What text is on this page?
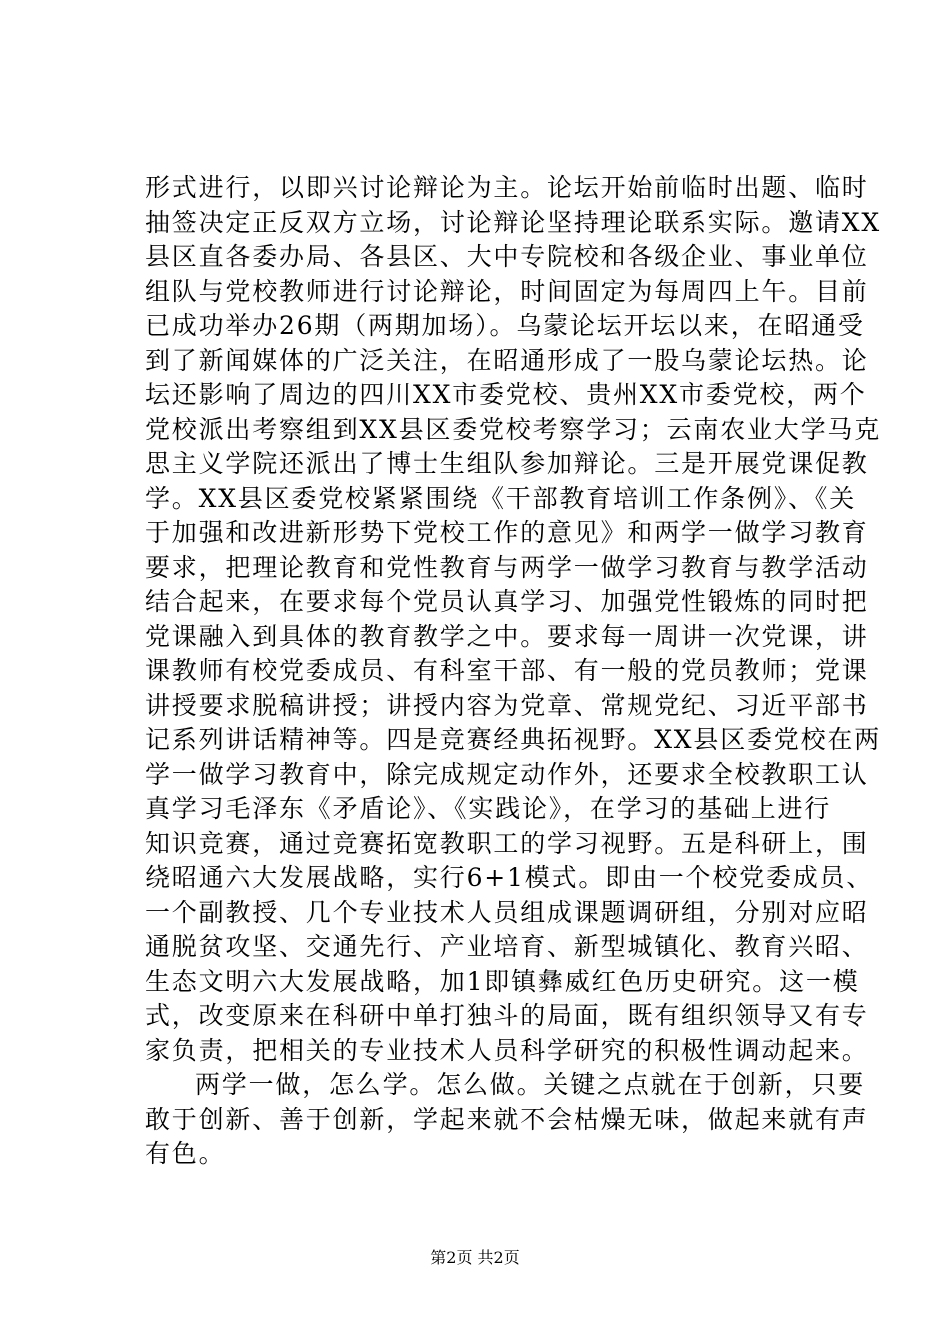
形式进行，以即兴讨论辩论为主。论坛开始前临时出题、临时
抽签决定正反双方立场，讨论辩论坚持理论联系实际。邀请XX
县区直各委办局、各县区、大中专院校和各级企业、事业单位
组队与党校教师进行讨论辩论，时间固定为每周四上午。目前
已成功举办26期（两期加场）。乌蒙论坛开坛以来，在昭通受
到了新闻媒体的广泛关注，在昭通形成了一股乌蒙论坛热。论
坛还影响了周边的四川XX市委党校、贵州XX市委党校，两个
党校派出考察组到XX县区委党校考察学习；云南农业大学马克
思主义学院还派出了博士生组队参加辩论。三是开展党课促教
学。XX县区委党校紧紧围绕《干部教育培训工作条例》、《关
于加强和改进新形势下党校工作的意见》和两学一做学习教育
要求，把理论教育和党性教育与两学一做学习教育与教学活动
结合起来，在要求每个党员认真学习、加强党性锻炼的同时把
党课融入到具体的教育教学之中。要求每一周讲一次党课，讲
课教师有校党委成员、有科室干部、有一般的党员教师；党课
讲授要求脱稿讲授；讲授内容为党章、常规党纪、习近平部书
记系列讲话精神等。四是竞赛经典拓视野。XX县区委党校在两
学一做学习教育中，除完成规定动作外，还要求全校教职工认
真学习毛泽东《矛盾论》、《实践论》，在学习的基础上进行
知识竞赛，通过竞赛拓宽教职工的学习视野。五是科研上，围
绕昭通六大发展战略，实行6+1模式。即由一个校党委成员、
一个副教授、几个专业技术人员组成课题调研组，分别对应昭
通脱贫攻坚、交通先行、产业培育、新型城镇化、教育兴昭、
生态文明六大发展战略，加1即镇彝威红色历史研究。这一模
式，改变原来在科研中单打独斗的局面，既有组织领导又有专
家负责，把相关的专业技术人员科学研究的积极性调动起来。
两学一做，怎么学。怎么做。关键之点就在于创新，只要
敢于创新、善于创新，学起来就不会枯燥无味，做起来就有声
有色。
第2页 共2页
